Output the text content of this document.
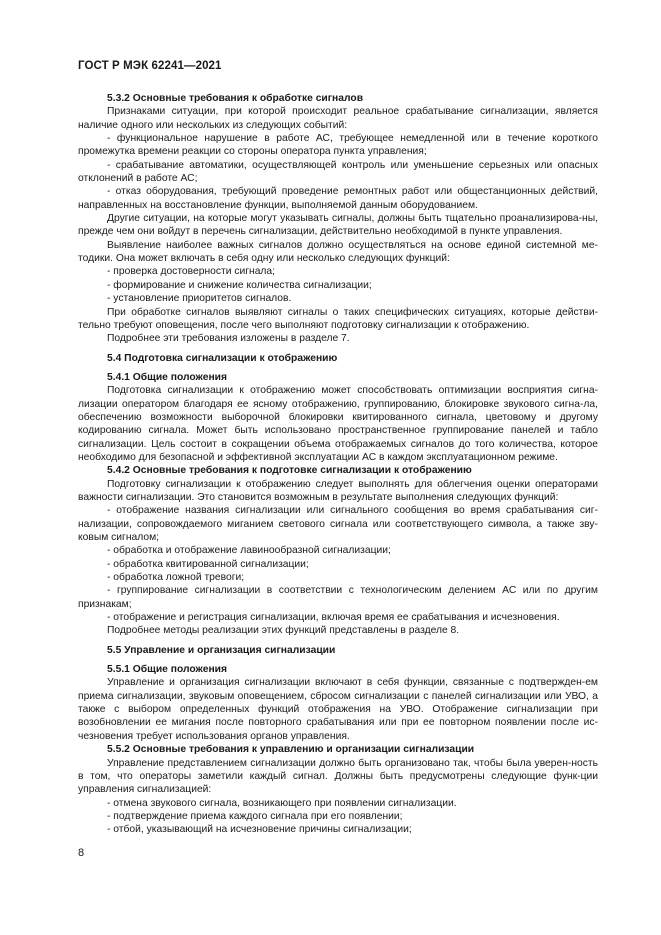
ГОСТ Р МЭК 62241—2021

5.3.2 Основные требования к обработке сигналов

Признаками ситуации, при которой происходит реальное срабатывание сигнализации, является наличие одного или нескольких из следующих событий:

- функциональное нарушение в работе АС, требующее немедленной или в течение короткого промежутка времени реакции со стороны оператора пункта управления;

- срабатывание автоматики, осуществляющей контроль или уменьшение серьезных или опасных отклонений в работе АС;

- отказ оборудования, требующий проведение ремонтных работ или общестанционных действий, направленных на восстановление функции, выполняемой данным оборудованием.

Другие ситуации, на которые могут указывать сигналы, должны быть тщательно проанализирова-ны, прежде чем они войдут в перечень сигнализации, действительно необходимой в пункте управления.

Выявление наиболее важных сигналов должно осуществляться на основе единой системной ме-тодики. Она может включать в себя одну или несколько следующих функций:

- проверка достоверности сигнала;

- формирование и снижение количества сигнализации;

- установление приоритетов сигналов.

При обработке сигналов выявляют сигналы о таких специфических ситуациях, которые действи-тельно требуют оповещения, после чего выполняют подготовку сигнализации к отображению.

Подробнее эти требования изложены в разделе 7.

5.4 Подготовка сигнализации к отображению

5.4.1 Общие положения

Подготовка сигнализации к отображению может способствовать оптимизации восприятия сигна-лизации оператором благодаря ее ясному отображению, группированию, блокировке звукового сигна-ла, обеспечению возможности выборочной блокировки квитированного сигнала, цветовому и другому кодированию сигнала. Может быть использовано пространственное группирование панелей и табло сигнализации. Цель состоит в сокращении объема отображаемых сигналов до того количества, которое необходимо для безопасной и эффективной эксплуатации АС в каждом эксплуатационном режиме.

5.4.2 Основные требования к подготовке сигнализации к отображению

Подготовку сигнализации к отображению следует выполнять для облегчения оценки операторами важности сигнализации. Это становится возможным в результате выполнения следующих функций:

- отображение названия сигнализации или сигнального сообщения во время срабатывания сиг-нализации, сопровождаемого миганием светового сигнала или соответствующего символа, а также зву-ковым сигналом;

- обработка и отображение лавинообразной сигнализации;

- обработка квитированной сигнализации;

- обработка ложной тревоги;

- группирование сигнализации в соответствии с технологическим делением АС или по другим признакам;

- отображение и регистрация сигнализации, включая время ее срабатывания и исчезновения.

Подробнее методы реализации этих функций представлены в разделе 8.

5.5 Управление и организация сигнализации

5.5.1 Общие положения

Управление и организация сигнализации включают в себя функции, связанные с подтвержден-ем приема сигнализации, звуковым оповещением, сбросом сигнализации с панелей сигнализации или УВО, а также с выбором определенных функций отображения на УВО. Отображение сигнализации при возобновлении ее мигания после повторного срабатывания или при ее повторном появлении после ис-чезновения требует использования органов управления.

5.5.2 Основные требования к управлению и организации сигнализации

Управление представлением сигнализации должно быть организовано так, чтобы была уверен-ность в том, что операторы заметили каждый сигнал. Должны быть предусмотрены следующие функ-ции управления сигнализацией:

- отмена звукового сигнала, возникающего при появлении сигнализации.

- подтверждение приема каждого сигнала при его появлении;

- отбой, указывающий на исчезновение причины сигнализации;

8
